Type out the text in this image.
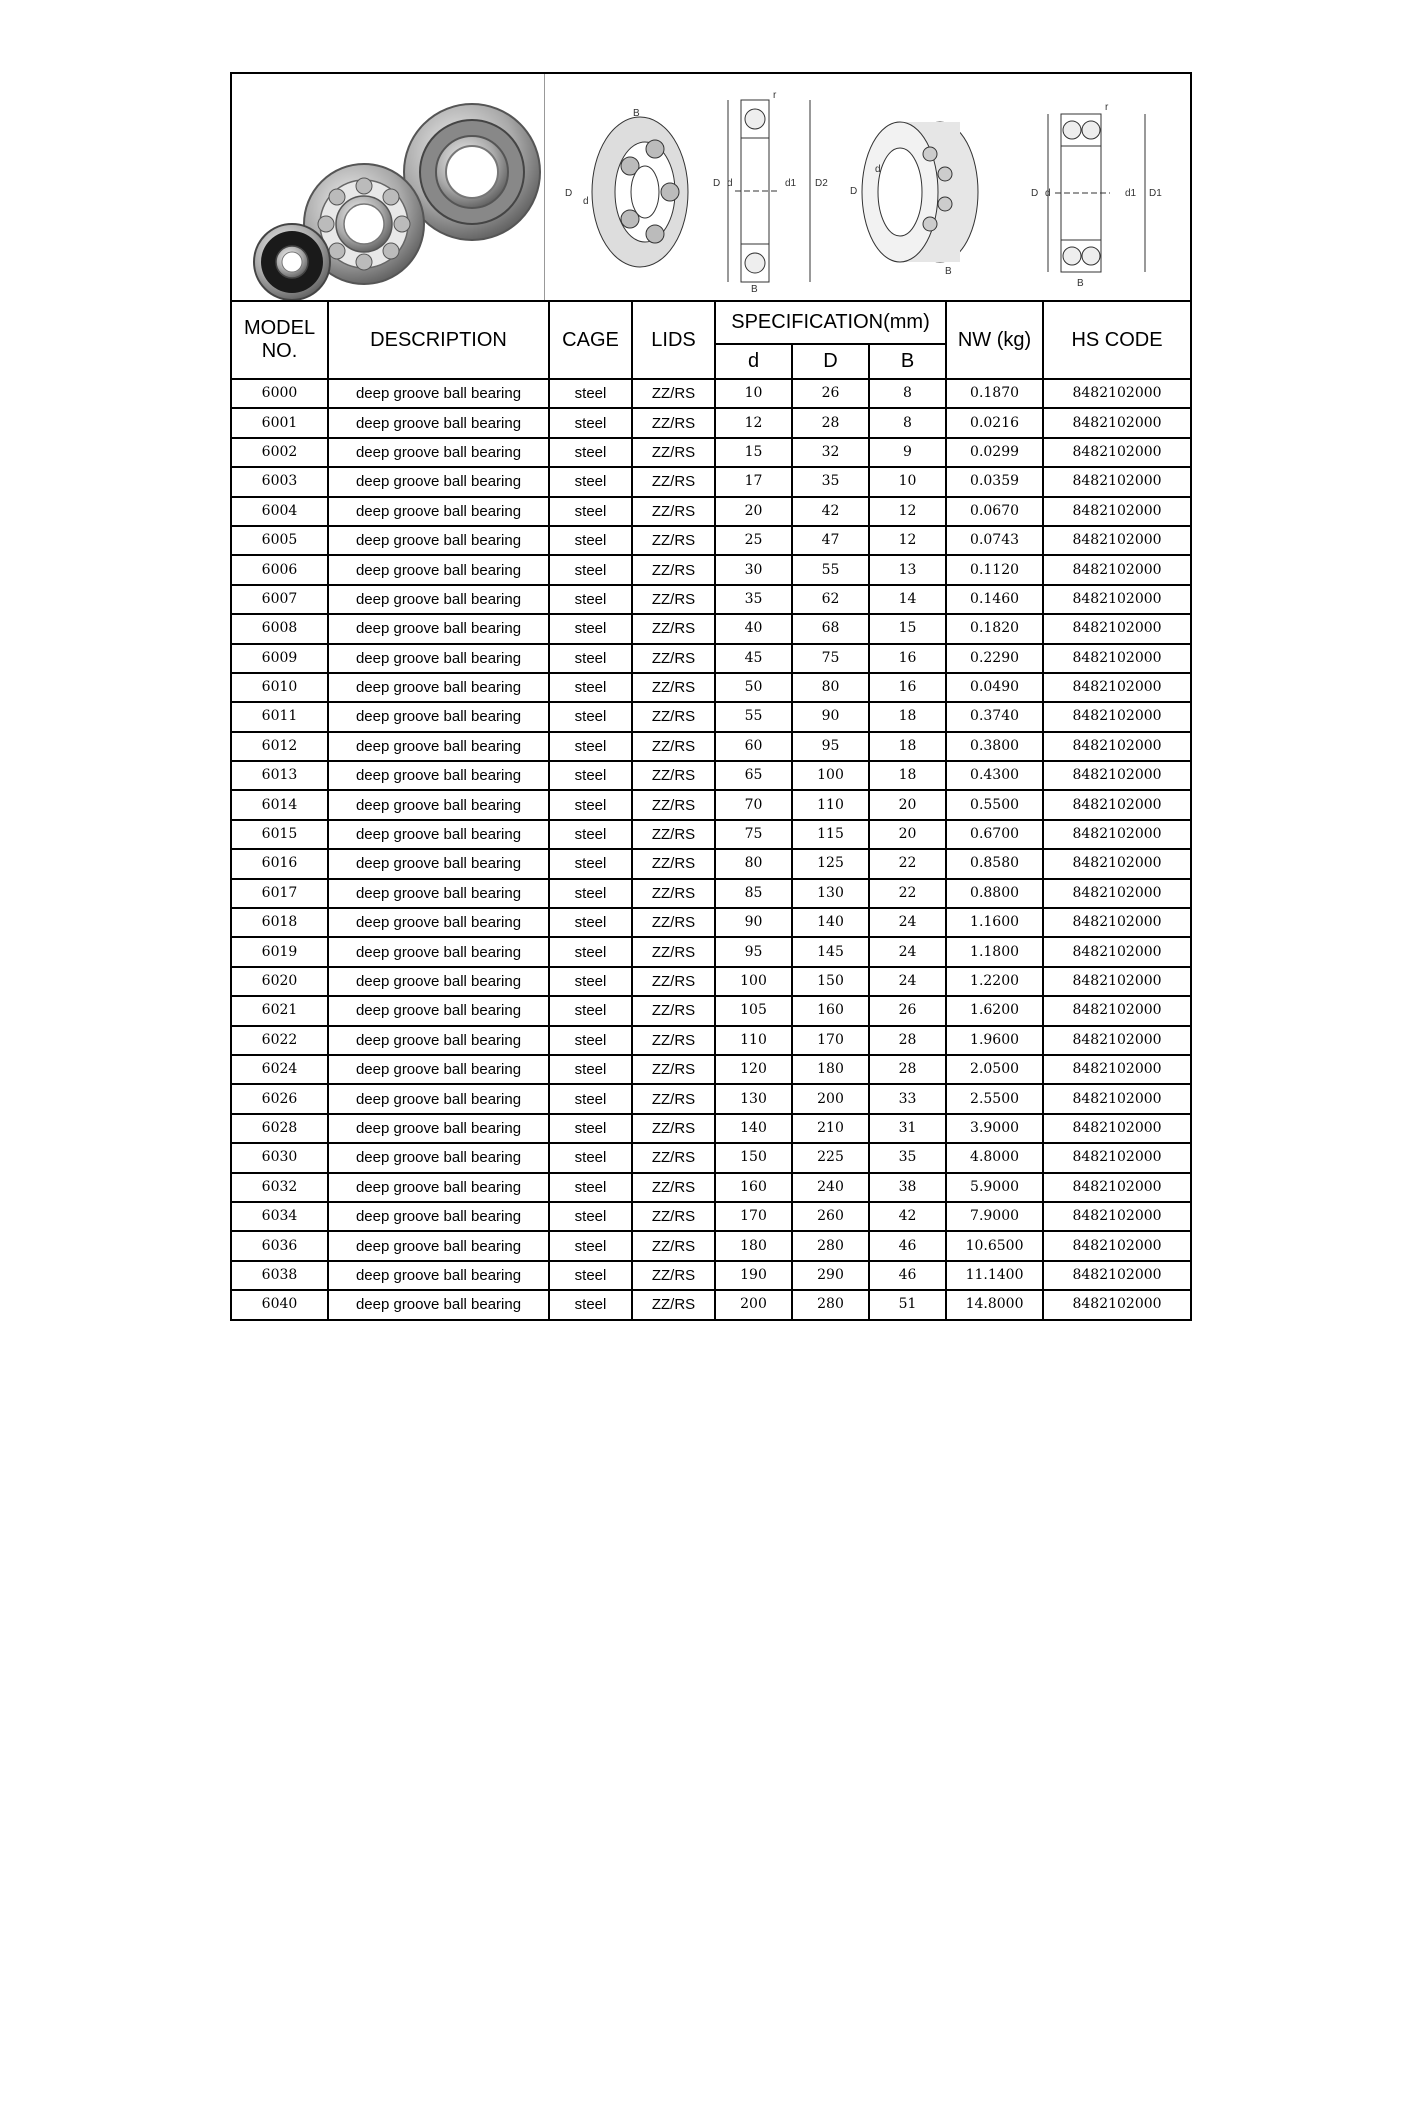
D
d
B
D d	d1 D2
r
B
D
d
B
D d	d1 D1
r
B
MODEL NO.	DESCRIPTION	CAGE	LIDS	SPECIFICATION(mm)			NW (kg)	HS CODE
				d	D	B		
6000	deep groove ball bearing	steel	ZZ/RS	10	26	8	0.1870	8482102000
6001	deep groove ball bearing	steel	ZZ/RS	12	28	8	0.0216	8482102000
6002	deep groove ball bearing	steel	ZZ/RS	15	32	9	0.0299	8482102000
6003	deep groove ball bearing	steel	ZZ/RS	17	35	10	0.0359	8482102000
6004	deep groove ball bearing	steel	ZZ/RS	20	42	12	0.0670	8482102000
6005	deep groove ball bearing	steel	ZZ/RS	25	47	12	0.0743	8482102000
6006	deep groove ball bearing	steel	ZZ/RS	30	55	13	0.1120	8482102000
6007	deep groove ball bearing	steel	ZZ/RS	35	62	14	0.1460	8482102000
6008	deep groove ball bearing	steel	ZZ/RS	40	68	15	0.1820	8482102000
6009	deep groove ball bearing	steel	ZZ/RS	45	75	16	0.2290	8482102000
6010	deep groove ball bearing	steel	ZZ/RS	50	80	16	0.0490	8482102000
6011	deep groove ball bearing	steel	ZZ/RS	55	90	18	0.3740	8482102000
6012	deep groove ball bearing	steel	ZZ/RS	60	95	18	0.3800	8482102000
6013	deep groove ball bearing	steel	ZZ/RS	65	100	18	0.4300	8482102000
6014	deep groove ball bearing	steel	ZZ/RS	70	110	20	0.5500	8482102000
6015	deep groove ball bearing	steel	ZZ/RS	75	115	20	0.6700	8482102000
6016	deep groove ball bearing	steel	ZZ/RS	80	125	22	0.8580	8482102000
6017	deep groove ball bearing	steel	ZZ/RS	85	130	22	0.8800	8482102000
6018	deep groove ball bearing	steel	ZZ/RS	90	140	24	1.1600	8482102000
6019	deep groove ball bearing	steel	ZZ/RS	95	145	24	1.1800	8482102000
6020	deep groove ball bearing	steel	ZZ/RS	100	150	24	1.2200	8482102000
6021	deep groove ball bearing	steel	ZZ/RS	105	160	26	1.6200	8482102000
6022	deep groove ball bearing	steel	ZZ/RS	110	170	28	1.9600	8482102000
6024	deep groove ball bearing	steel	ZZ/RS	120	180	28	2.0500	8482102000
6026	deep groove ball bearing	steel	ZZ/RS	130	200	33	2.5500	8482102000
6028	deep groove ball bearing	steel	ZZ/RS	140	210	31	3.9000	8482102000
6030	deep groove ball bearing	steel	ZZ/RS	150	225	35	4.8000	8482102000
6032	deep groove ball bearing	steel	ZZ/RS	160	240	38	5.9000	8482102000
6034	deep groove ball bearing	steel	ZZ/RS	170	260	42	7.9000	8482102000
6036	deep groove ball bearing	steel	ZZ/RS	180	280	46	10.6500	8482102000
6038	deep groove ball bearing	steel	ZZ/RS	190	290	46	11.1400	8482102000
6040	deep groove ball bearing	steel	ZZ/RS	200	280	51	14.8000	8482102000
